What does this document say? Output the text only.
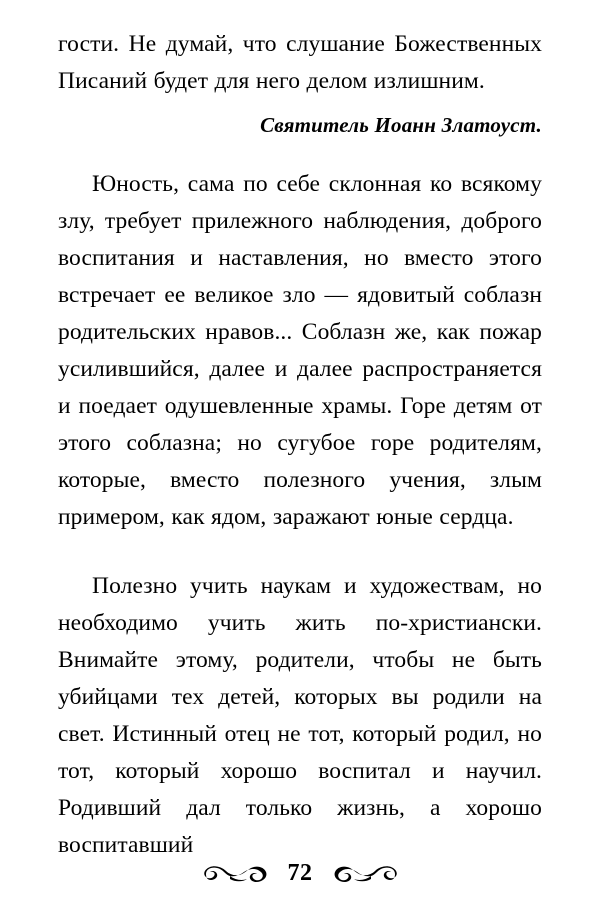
гости. Не думай, что слушание Божественных Писаний будет для него делом излишним.

Святитель Иоанн Златоуст.

Юность, сама по себе склонная ко всякому злу, требует прилежного наблюдения, доброго воспитания и наставления, но вместо этого встречает ее великое зло — ядовитый соблазн родительских нравов... Соблазн же, как пожар усилившийся, далее и далее распространяется и поедает одушевленные храмы. Горе детям от этого соблазна; но сугубое горе родителям, которые, вместо полезного учения, злым примером, как ядом, заражают юные сердца.

Полезно учить наукам и художествам, но необходимо учить жить по-христиански. Внимайте этому, родители, чтобы не быть убийцами тех детей, которых вы родили на свет. Истинный отец не тот, который родил, но тот, который хорошо воспитал и научил. Родивший дал только жизнь, а хорошо воспитавший

72
